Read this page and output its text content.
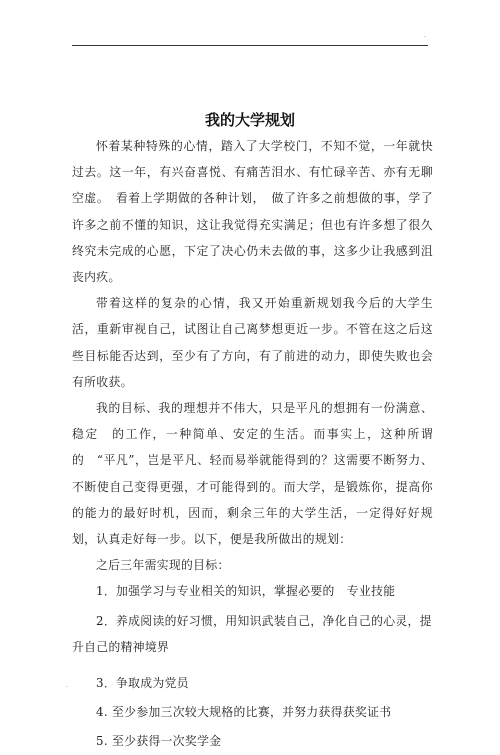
.
我的大学规划

怀着某种特殊的心情，踏入了大学校门，不知不觉，一年就快过去。这一年，有兴奋喜悦、有痛苦泪水、有忙碌辛苦、亦有无聊空虚。　看着上学期做的各种计划，　做了许多之前想做的事，学了许多之前不懂的知识，这让我觉得充实满足；但也有许多想了很久终究未完成的心愿，下定了决心仍未去做的事，这多少让我感到沮丧内疚。

带着这样的复杂的心情，我又开始重新规划我今后的大学生活，重新审视自己，试图让自己离梦想更近一步。不管在这之后这些目标能否达到，至少有了方向，有了前进的动力，即使失败也会有所收获。

我的目标、我的理想并不伟大，只是平凡的想拥有一份满意、稳定　的工作，一种简单、安定的生活。而事实上，这种所谓的　“平凡”，岂是平凡、轻而易举就能得到的？这需要不断努力、不断使自己变得更强，才可能得到的。而大学，是锻炼你，提高你的能力的最好时机，因而，剩余三年的大学生活，一定得好好规划，认真走好每一步。以下，便是我所做出的规划：

之后三年需实现的目标：

1．加强学习与专业相关的知识，掌握必要的　专业技能

2．养成阅读的好习惯，用知识武装自己，净化自己的心灵，提升自己的精神境界

3．争取成为党员

4. 至少参加三次较大规格的比赛，并努力获得获奖证书

5. 至少获得一次奖学金

.
